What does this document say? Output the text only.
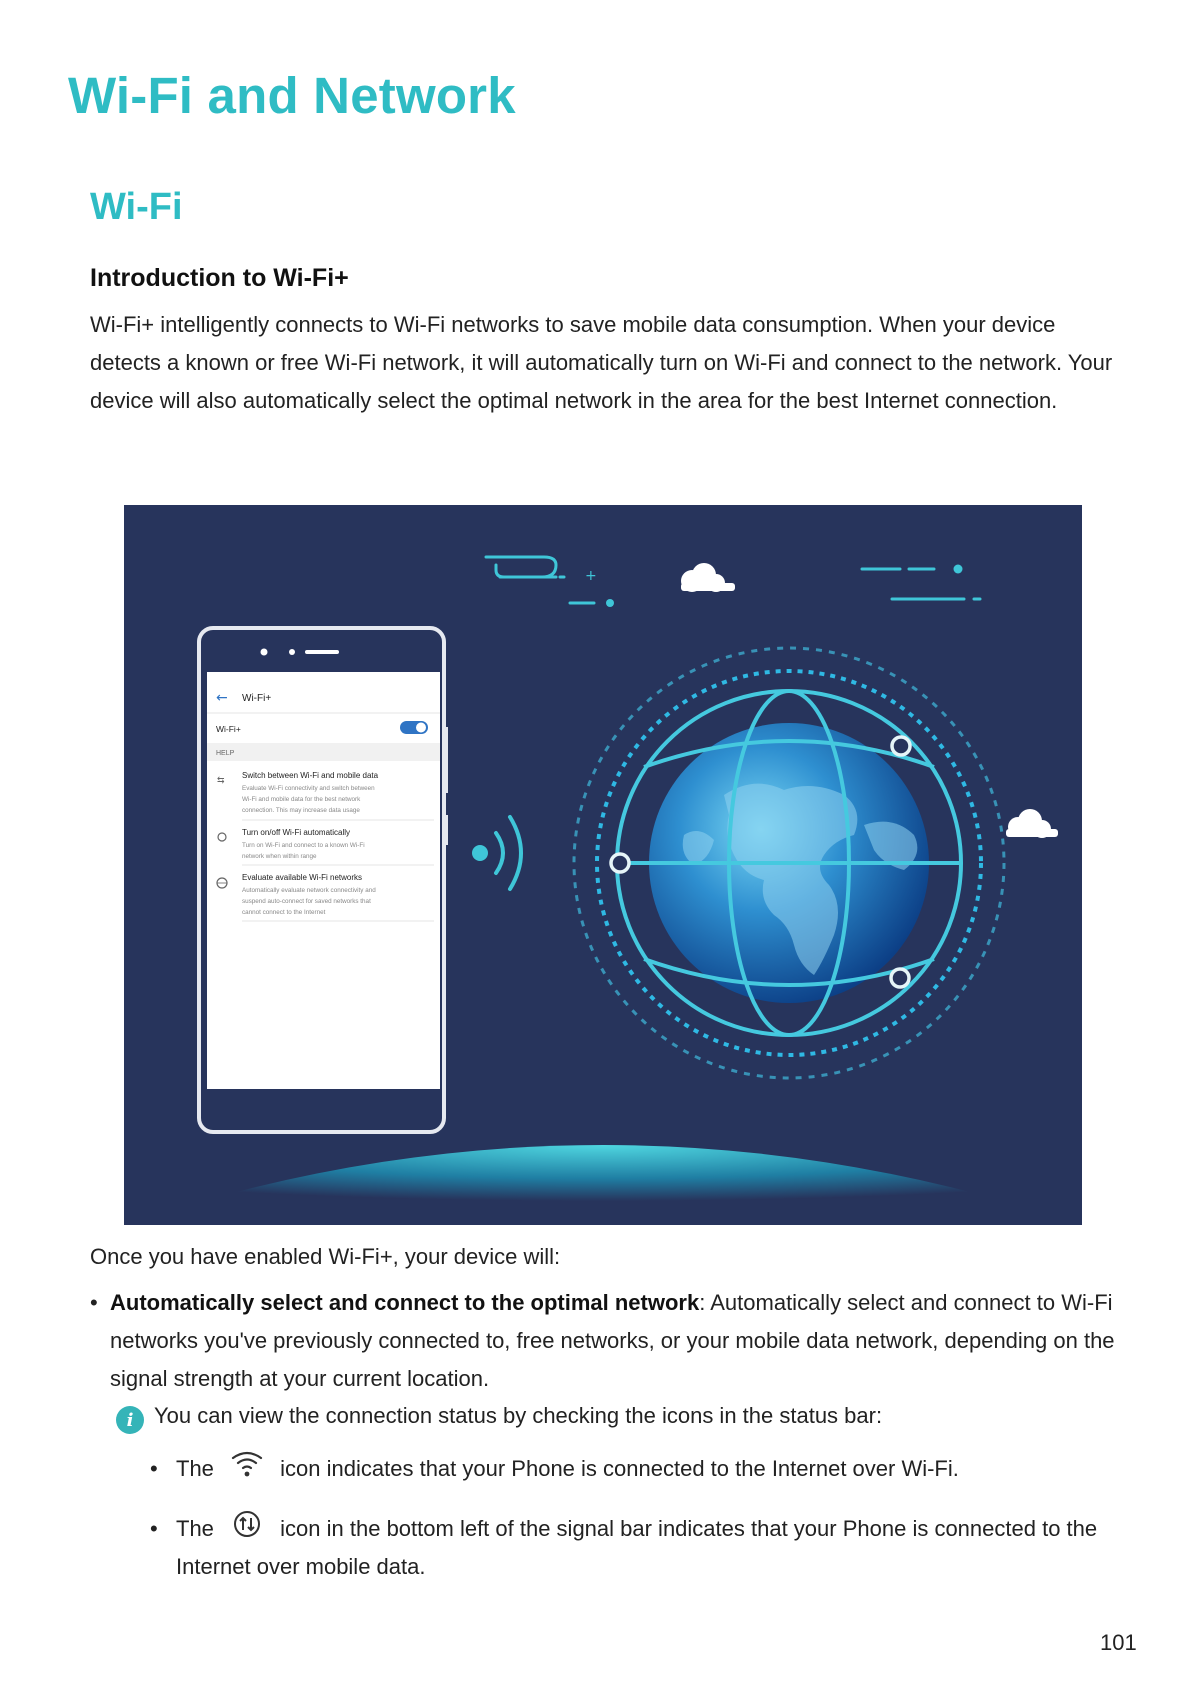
Wi-Fi and Network
Wi-Fi
Introduction to Wi-Fi+

Wi-Fi+ intelligently connects to Wi-Fi networks to save mobile data consumption. When your device detects a known or free Wi-Fi network, it will automatically turn on Wi-Fi and connect to the network. Your device will also automatically select the optimal network in the area for the best Internet connection.

+
← Wi-Fi+
Wi-Fi+
HELP
⇆ Switch between Wi-Fi and mobile data
Evaluate Wi-Fi connectivity and switch between
Wi-Fi and mobile data for the best network
connection. This may increase data usage
Turn on/off Wi-Fi automatically
Turn on Wi-Fi and connect to a known Wi-Fi
network when within range
Evaluate available Wi-Fi networks
Automatically evaluate network connectivity and
suspend auto-connect for saved networks that
cannot connect to the Internet
Once you have enabled Wi-Fi+, your device will:
• Automatically select and connect to the optimal network: Automatically select and connect to Wi-Fi networks you've previously connected to, free networks, or your mobile data network, depending on the signal strength at your current location.
i You can view the connection status by checking the icons in the status bar:
• The	icon indicates that your Phone is connected to the Internet over Wi-Fi.
• The	icon in the bottom left of the signal bar indicates that your Phone is connected to the Internet over mobile data.
101
